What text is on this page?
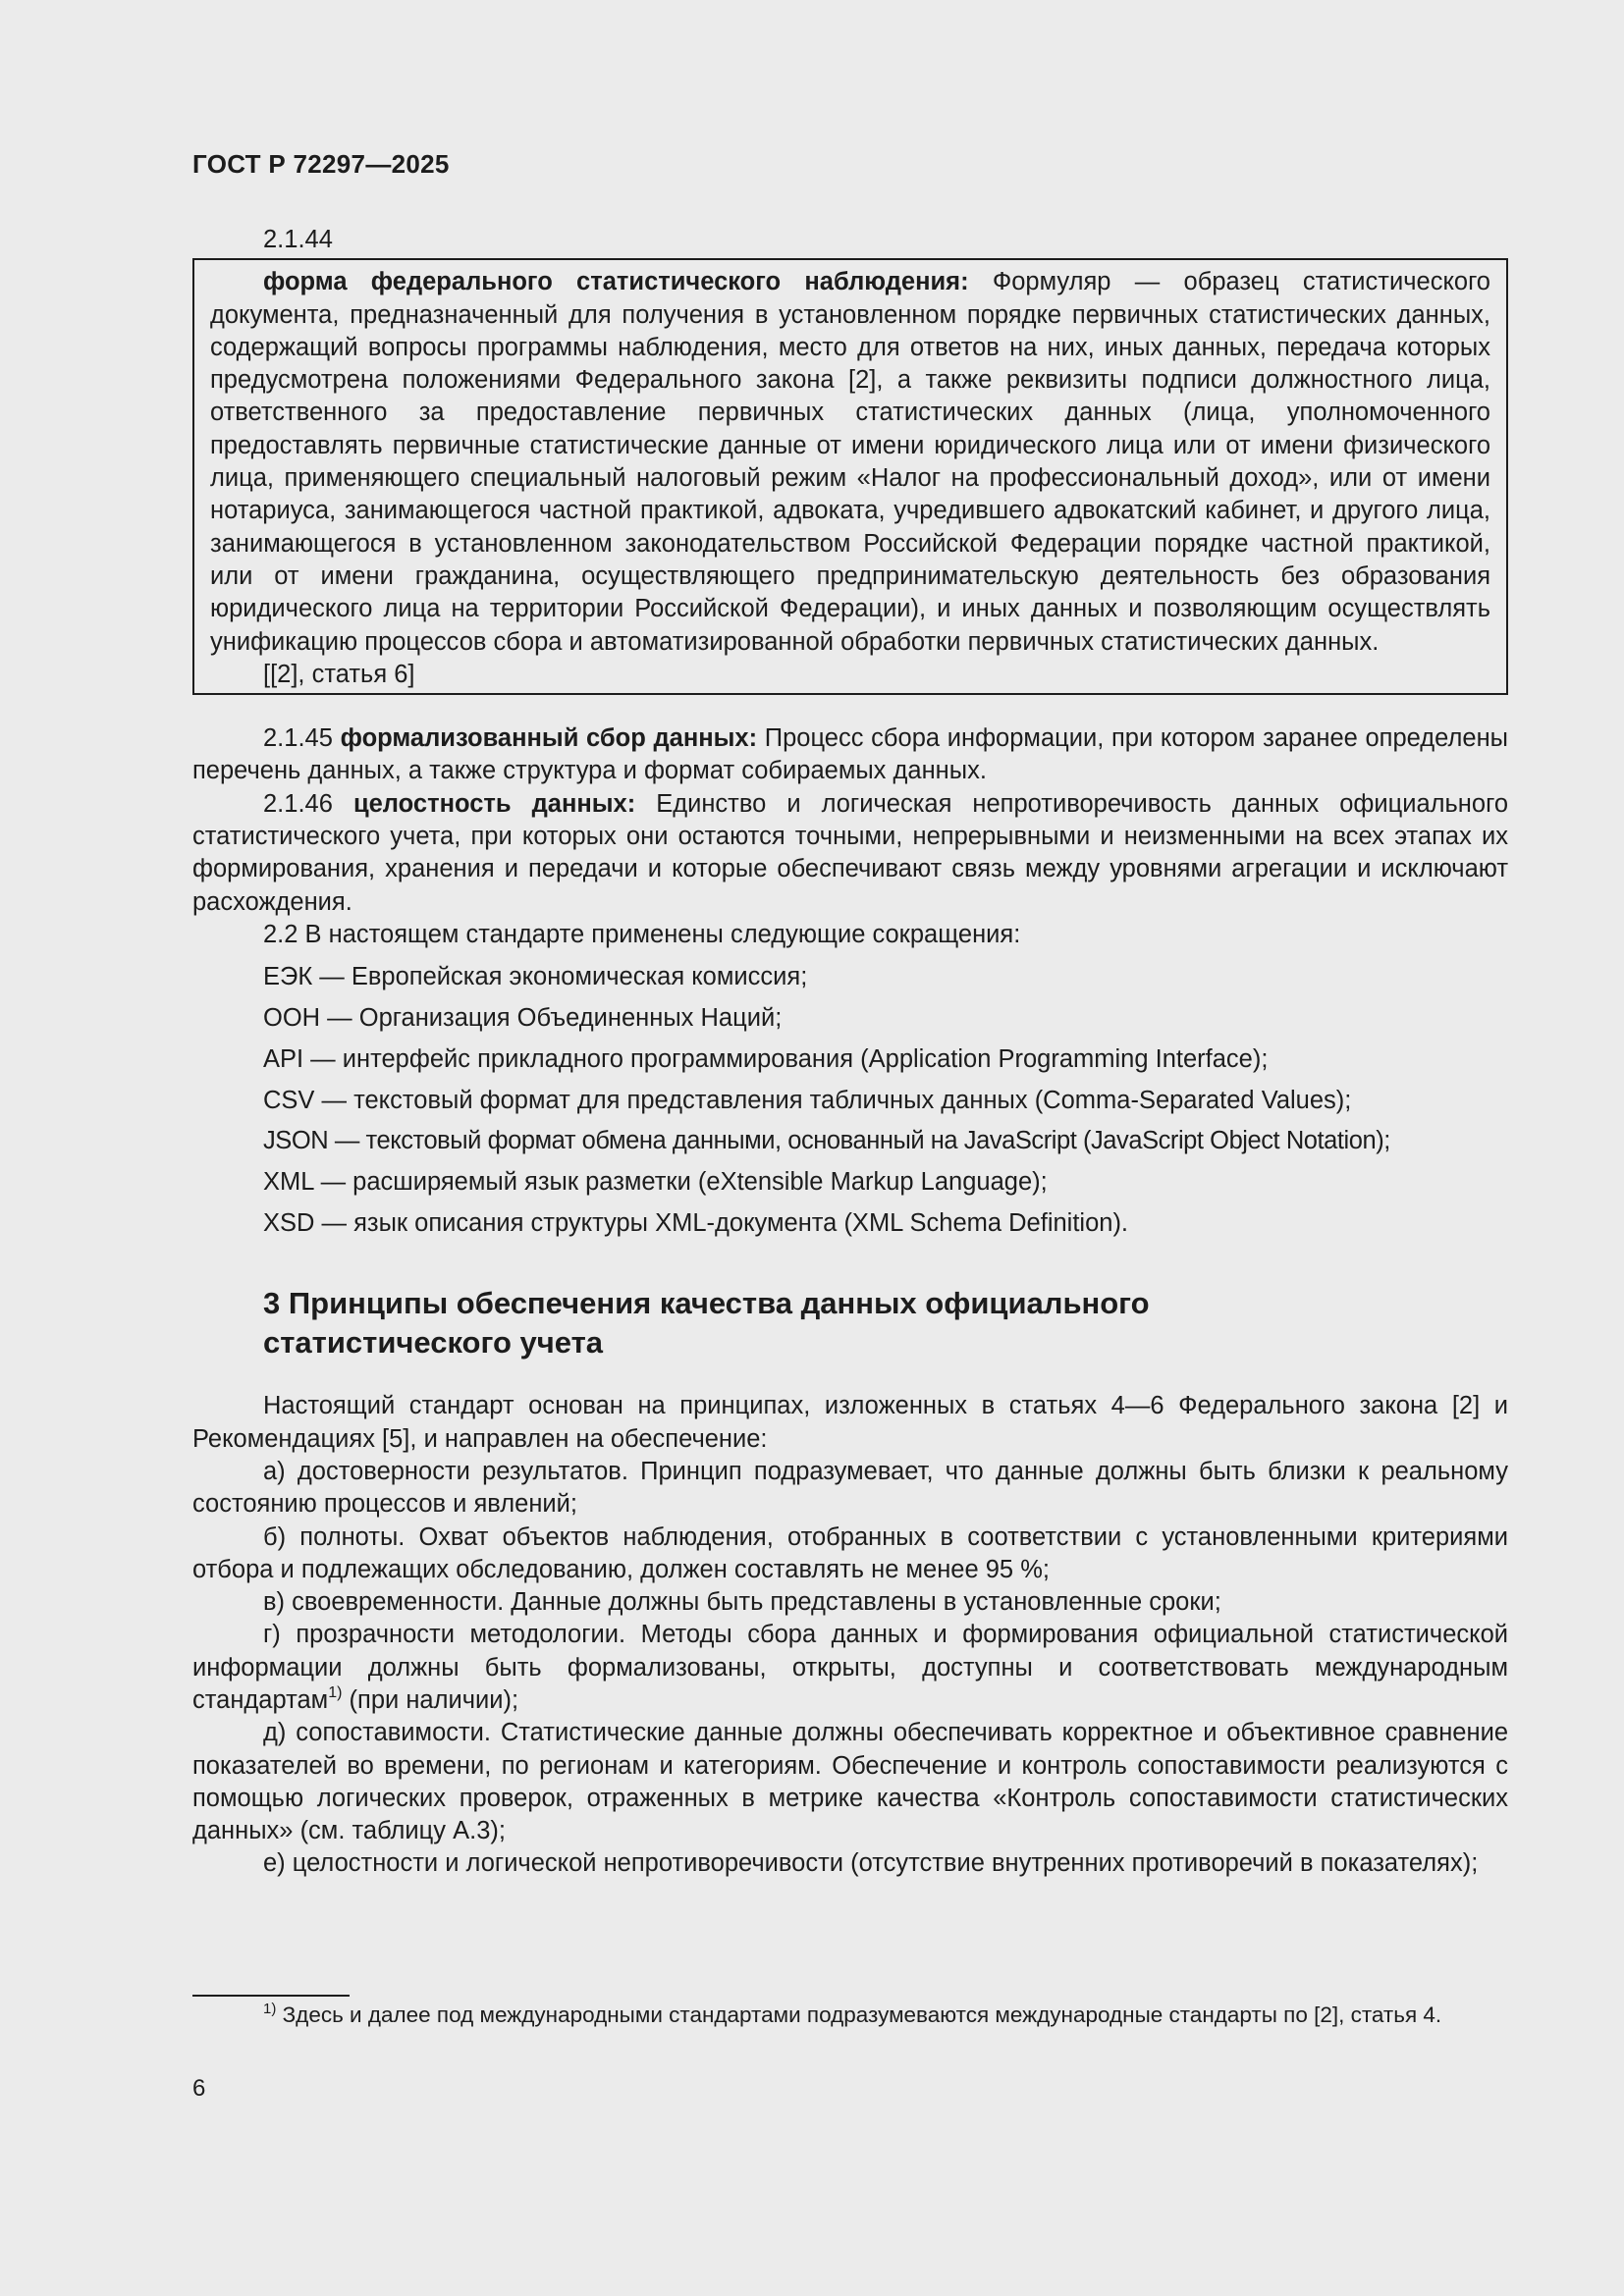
ГОСТ Р 72297—2025
2.1.44

форма федерального статистического наблюдения: Формуляр — образец статистического документа, предназначенный для получения в установленном порядке первичных статистических данных, содержащий вопросы программы наблюдения, место для ответов на них, иных данных, передача которых предусмотрена положениями Федерального закона [2], а также реквизиты подписи должностного лица, ответственного за предоставление первичных статистических данных (лица, уполномоченного предоставлять первичные статистические данные от имени юридического лица или от имени физического лица, применяющего специальный налоговый режим «Налог на профессиональный доход», или от имени нотариуса, занимающегося частной практикой, адвоката, учредившего адвокатский кабинет, и другого лица, занимающегося в установленном законодательством Российской Федерации порядке частной практикой, или от имени гражданина, осуществляющего предпринимательскую деятельность без образования юридического лица на территории Российской Федерации), и иных данных и позволяющим осуществлять унификацию процессов сбора и автоматизированной обработки первичных статистических данных.

[[2], статья 6]

2.1.45 формализованный сбор данных: Процесс сбора информации, при котором заранее определены перечень данных, а также структура и формат собираемых данных.

2.1.46 целостность данных: Единство и логическая непротиворечивость данных официального статистического учета, при которых они остаются точными, непрерывными и неизменными на всех этапах их формирования, хранения и передачи и которые обеспечивают связь между уровнями агрегации и исключают расхождения.

2.2 В настоящем стандарте применены следующие сокращения:

ЕЭК — Европейская экономическая комиссия;

ООН — Организация Объединенных Наций;

API — интерфейс прикладного программирования (Application Programming Interface);

CSV — текстовый формат для представления табличных данных (Comma-Separated Values);

JSON — текстовый формат обмена данными, основанный на JavaScript (JavaScript Object Notation);

XML — расширяемый язык разметки (eXtensible Markup Language);

XSD — язык описания структуры XML-документа (XML Schema Definition).

3 Принципы обеспечения качества данных официального
статистического учета

Настоящий стандарт основан на принципах, изложенных в статьях 4—6 Федерального закона [2] и Рекомендациях [5], и направлен на обеспечение:

а) достоверности результатов. Принцип подразумевает, что данные должны быть близки к реальному состоянию процессов и явлений;

б) полноты. Охват объектов наблюдения, отобранных в соответствии с установленными критериями отбора и подлежащих обследованию, должен составлять не менее 95 %;

в) своевременности. Данные должны быть представлены в установленные сроки;

г) прозрачности методологии. Методы сбора данных и формирования официальной статистической информации должны быть формализованы, открыты, доступны и соответствовать международным стандартам$^{1)}$ (при наличии);

д) сопоставимости. Статистические данные должны обеспечивать корректное и объективное сравнение показателей во времени, по регионам и категориям. Обеспечение и контроль сопоставимости реализуются с помощью логических проверок, отраженных в метрике качества «Контроль сопоставимости статистических данных» (см. таблицу А.3);

е) целостности и логической непротиворечивости (отсутствие внутренних противоречий в показателях);

$^{1)}$ Здесь и далее под международными стандартами подразумеваются международные стандарты по [2], статья 4.
6
